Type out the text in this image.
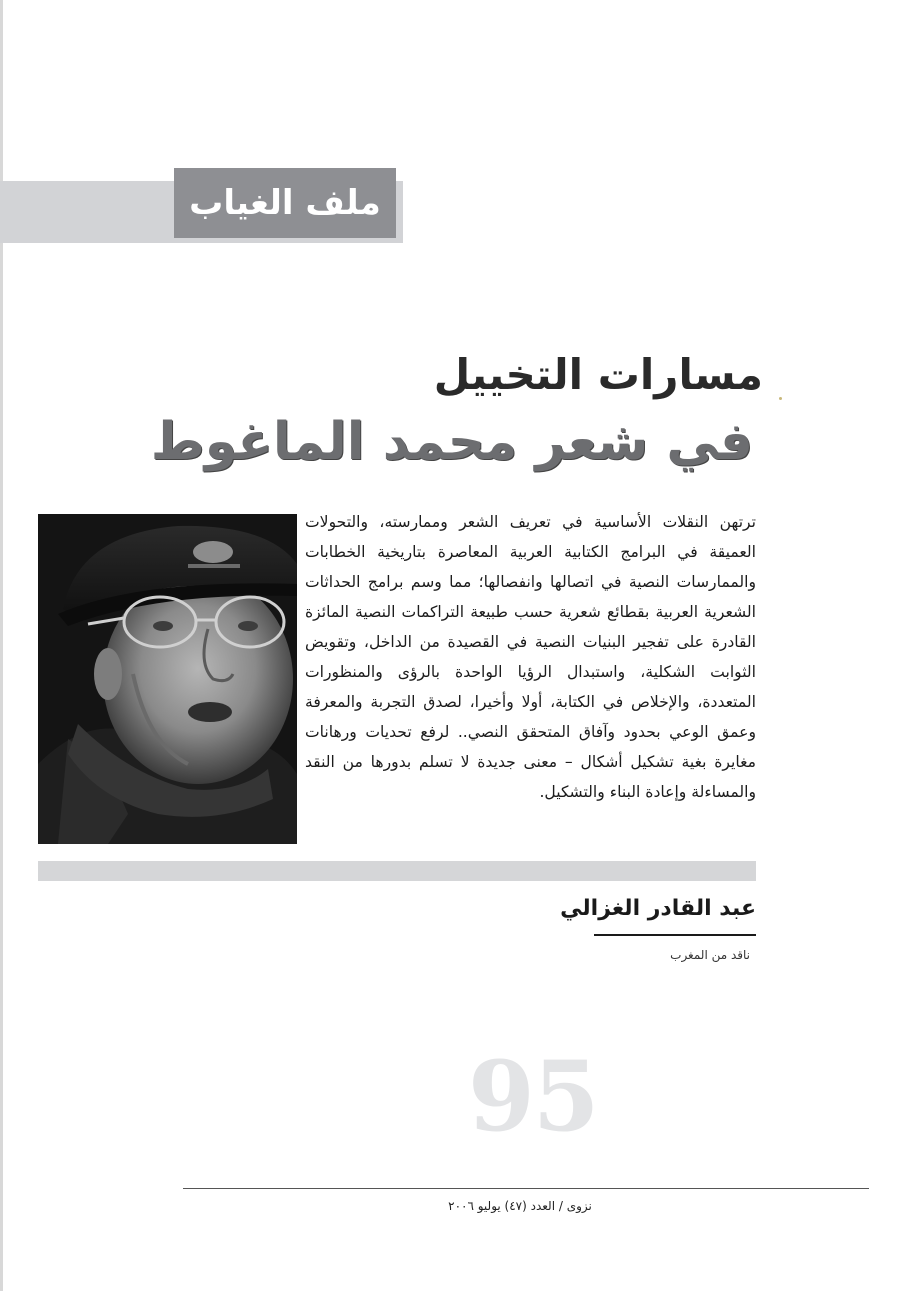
ملف الغياب
مسارات التخييل
في شعر محمد الماغوط
ترتهن النقلات الأساسية في تعريف الشعر وممارسته، والتحولات العميقة في البرامج الكتابية العربية المعاصرة بتاريخية الخطابات والممارسات النصية في اتصالها وانفصالها؛ مما وسم برامج الحداثات الشعرية العربية بقطائع شعرية حسب طبيعة التراكمات النصية المائزة القادرة على تفجير البنيات النصية في القصيدة من الداخل، وتقويض الثوابت الشكلية، واستبدال الرؤيا الواحدة بالرؤى والمنظورات المتعددة، والإخلاص في الكتابة، أولا وأخيرا، لصدق التجربة والمعرفة وعمق الوعي بحدود وآفاق المتحقق النصي.. لرفع تحديات ورهانات مغايرة بغية تشكيل أشكال – معنى جديدة لا تسلم بدورها من النقد والمساءلة وإعادة البناء والتشكيل.
عبد القادر الغزالي
ناقد من المغرب
95
نزوى / العدد (٤٧) يوليو ٢٠٠٦
